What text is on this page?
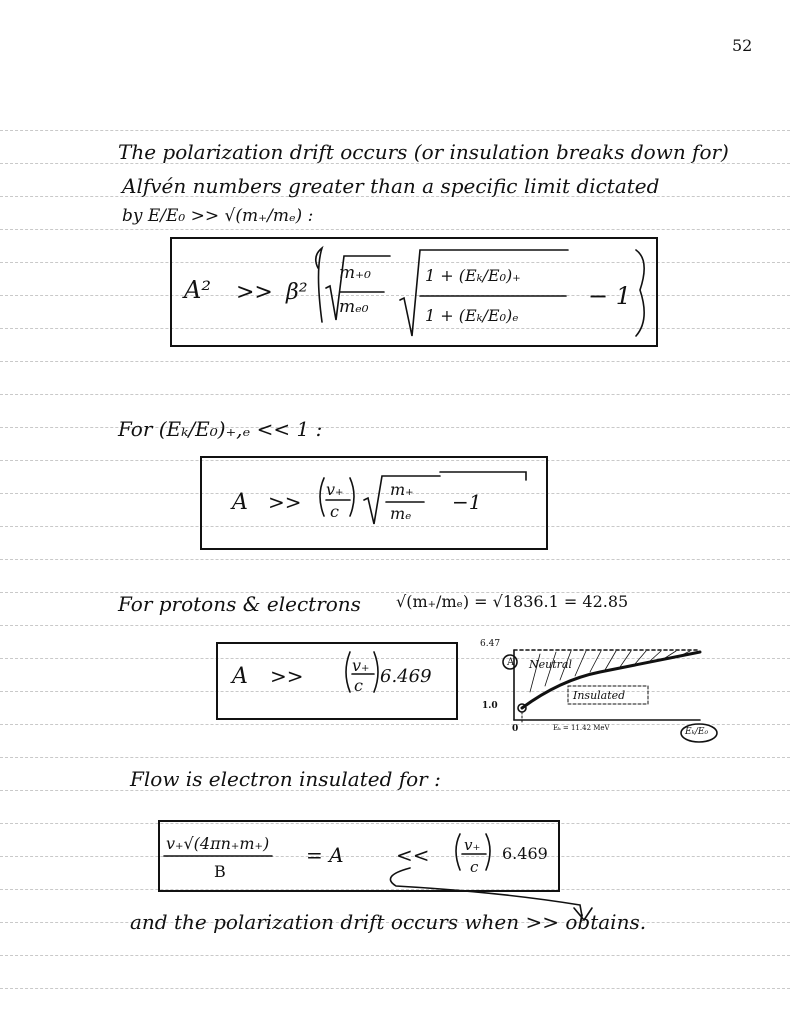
52
The polarization drift occurs (or insulation breaks down for)
Alfvén numbers greater than a specific limit dictated
by E/E₀ >> √(m₊/mₑ) :
A² >> β²
m₊₀
mₑ₀
1 + (Eₖ/E₀)₊
1 + (Eₖ/E₀)ₑ
− 1
For (Eₖ/E₀)₊,ₑ << 1 :
A >>
v₊
c
m₊
mₑ −1
For protons & electrons √(m₊/mₑ) = √1836.1 = 42.85
A >>	v₊
c 6.469
6.47
A Neutral
Insulated
1.0
0	Eₖ = 11.42 MeV	Eₖ/E₀
Flow is electron insulated for :
v₊√(4πn₊m₊)
B
= A	<< v₊
c
6.469
and the polarization drift occurs when >> obtains.
